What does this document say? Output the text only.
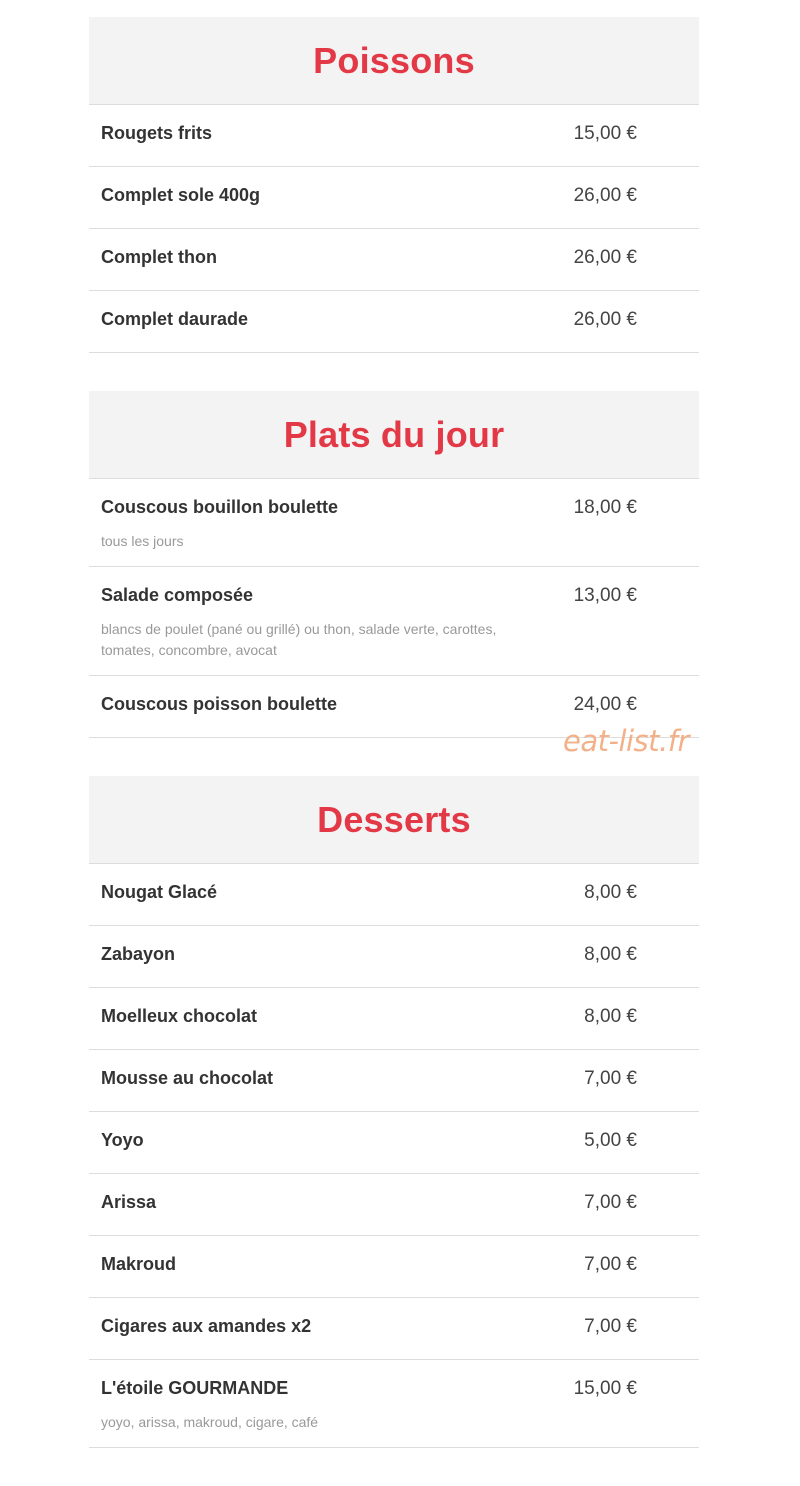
Poissons
Rougets frits	15,00 €
Complet sole 400g	26,00 €
Complet thon	26,00 €
Complet daurade	26,00 €
Plats du jour
Couscous bouillon boulette	18,00 €
tous les jours
Salade composée	13,00 €
blancs de poulet (pané ou grillé) ou thon, salade verte, carottes, tomates, concombre, avocat
Couscous poisson boulette	24,00 €
Desserts
Nougat Glacé	8,00 €
Zabayon	8,00 €
Moelleux chocolat	8,00 €
Mousse au chocolat	7,00 €
Yoyo	5,00 €
Arissa	7,00 €
Makroud	7,00 €
Cigares aux amandes x2	7,00 €
L'étoile GOURMANDE	15,00 €
yoyo, arissa, makroud, cigare, café
eat-list.fr
